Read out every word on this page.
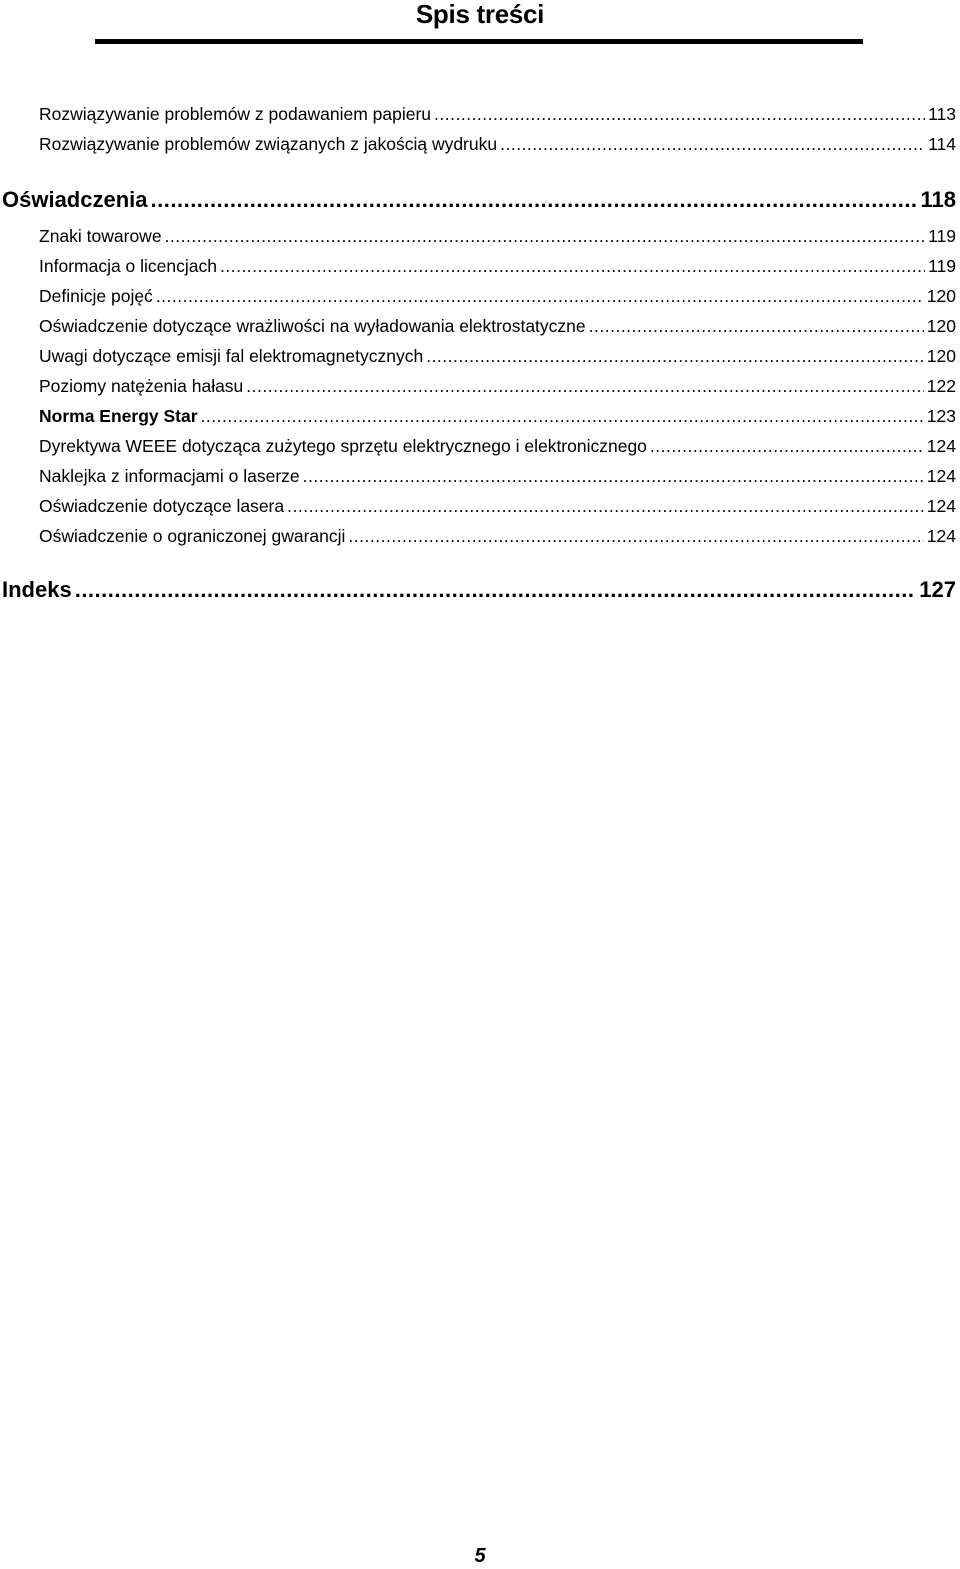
Spis treści
Rozwiązywanie problemów z podawaniem papieru .....	113
Rozwiązywanie problemów związanych z jakością wydruku .....	114
Oświadczenia .....	118
Znaki towarowe .....	119
Informacja o licencjach .....	119
Definicje pojęć .....	120
Oświadczenie dotyczące wrażliwości na wyładowania elektrostatyczne .....	120
Uwagi dotyczące emisji fal elektromagnetycznych .....	120
Poziomy natężenia hałasu .....	122
Norma Energy Star .....	123
Dyrektywa WEEE dotycząca zużytego sprzętu elektrycznego i elektronicznego .....	124
Naklejka z informacjami o laserze .....	124
Oświadczenie dotyczące lasera .....	124
Oświadczenie o ograniczonej gwarancji .....	124
Indeks .....	127
5
